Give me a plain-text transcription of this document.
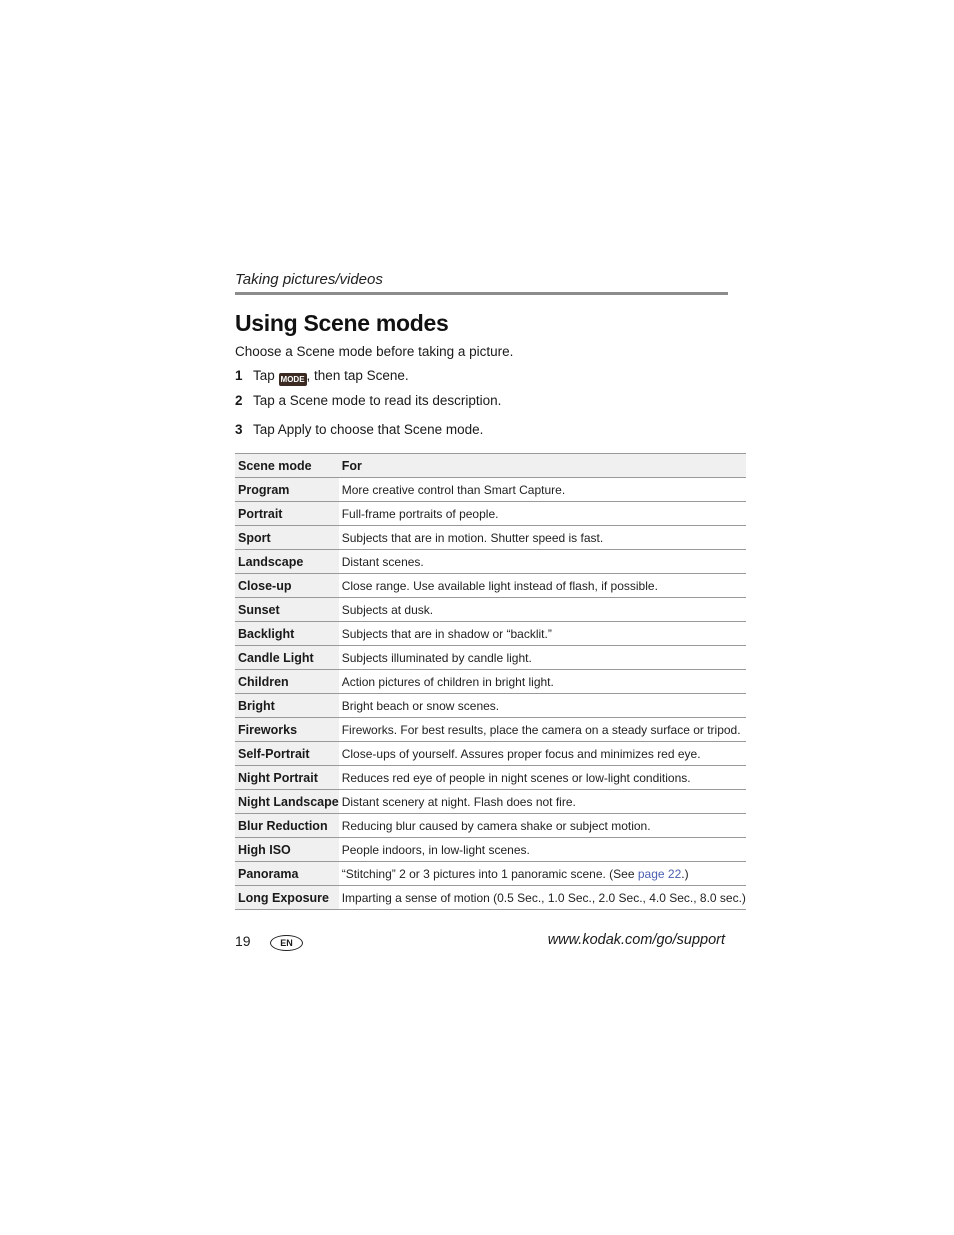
Taking pictures/videos
Using Scene modes
Choose a Scene mode before taking a picture.
1 Tap MODE , then tap Scene.
2 Tap a Scene mode to read its description.
3 Tap Apply to choose that Scene mode.
Scene mode	For
Program	More creative control than Smart Capture.
Portrait	Full-frame portraits of people.
Sport	Subjects that are in motion. Shutter speed is fast.
Landscape	Distant scenes.
Close-up	Close range. Use available light instead of flash, if possible.
Sunset	Subjects at dusk.
Backlight	Subjects that are in shadow or “backlit.”
Candle Light	Subjects illuminated by candle light.
Children	Action pictures of children in bright light.
Bright	Bright beach or snow scenes.
Fireworks	Fireworks. For best results, place the camera on a steady surface or tripod.
Self-Portrait	Close-ups of yourself. Assures proper focus and minimizes red eye.
Night Portrait	Reduces red eye of people in night scenes or low-light conditions.
Night Landscape	Distant scenery at night. Flash does not fire.
Blur Reduction	Reducing blur caused by camera shake or subject motion.
High ISO	People indoors, in low-light scenes.
Panorama	“Stitching” 2 or 3 pictures into 1 panoramic scene. (See page 22.)
Long Exposure	Imparting a sense of motion (0.5 Sec., 1.0 Sec., 2.0 Sec., 4.0 Sec., 8.0 sec.)
19	EN	www.kodak.com/go/support
